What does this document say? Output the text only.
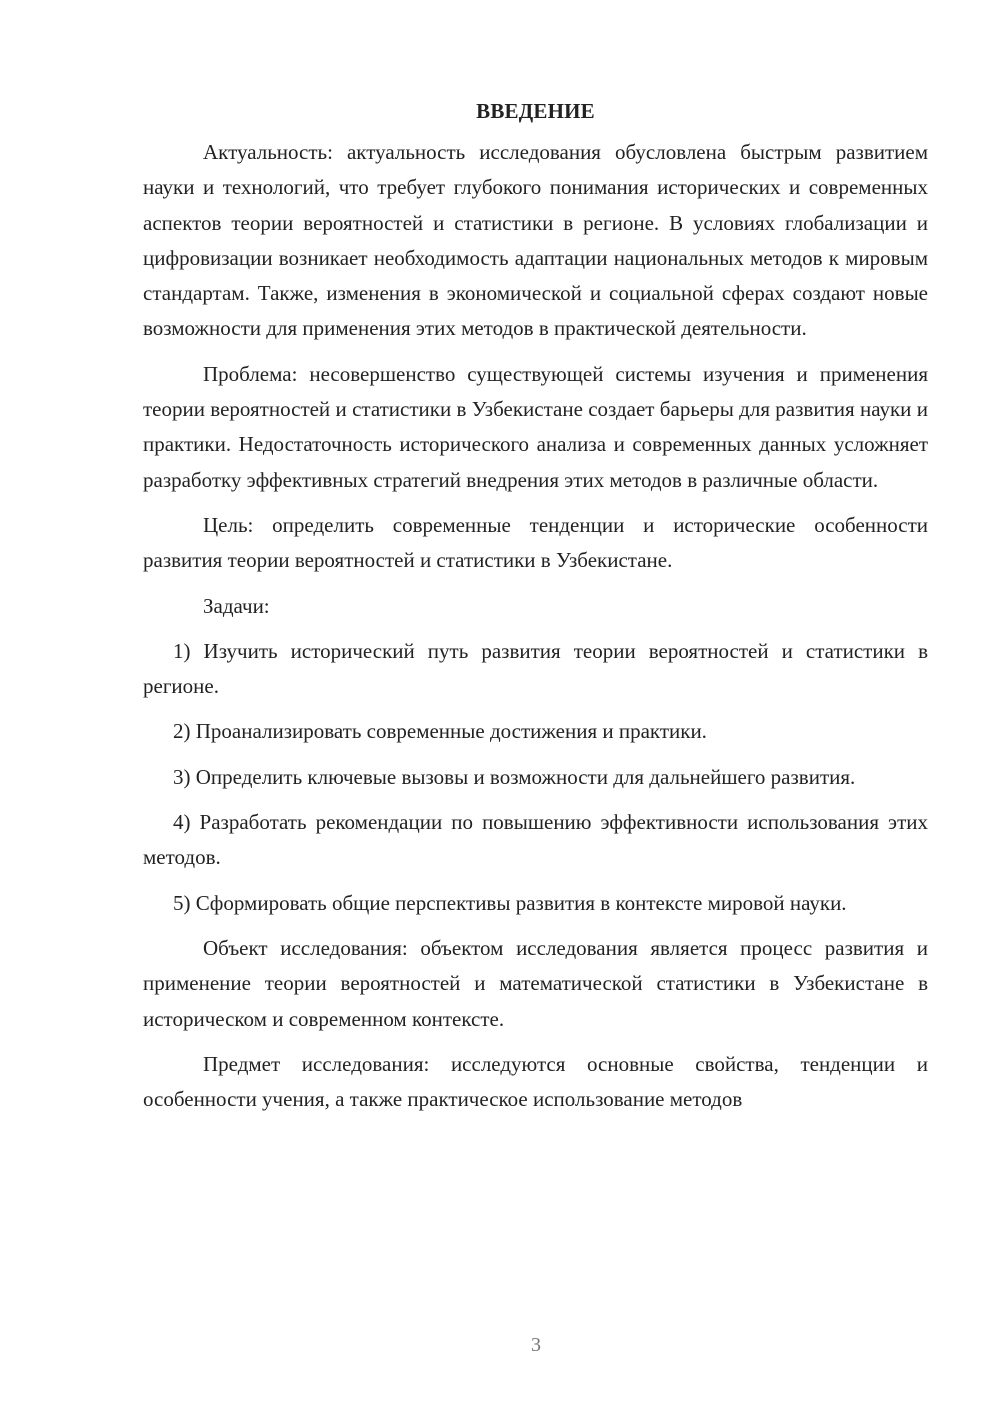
ВВЕДЕНИЕ

Актуальность: актуальность исследования обусловлена быстрым развитием науки и технологий, что требует глубокого понимания исторических и современных аспектов теории вероятностей и статистики в регионе. В условиях глобализации и цифровизации возникает необходимость адаптации национальных методов к мировым стандартам. Также, изменения в экономической и социальной сферах создают новые возможности для применения этих методов в практической деятельности.

Проблема: несовершенство существующей системы изучения и применения теории вероятностей и статистики в Узбекистане создает барьеры для развития науки и практики. Недостаточность исторического анализа и современных данных усложняет разработку эффективных стратегий внедрения этих методов в различные области.

Цель: определить современные тенденции и исторические особенности развития теории вероятностей и статистики в Узбекистане.

Задачи:

1) Изучить исторический путь развития теории вероятностей и статистики в регионе.

2) Проанализировать современные достижения и практики.

3) Определить ключевые вызовы и возможности для дальнейшего развития.

4) Разработать рекомендации по повышению эффективности использования этих методов.

5) Сформировать общие перспективы развития в контексте мировой науки.

Объект исследования: объектом исследования является процесс развития и применение теории вероятностей и математической статистики в Узбекистане в историческом и современном контексте.

Предмет исследования: исследуются основные свойства, тенденции и особенности учения, а также практическое использование методов

3
